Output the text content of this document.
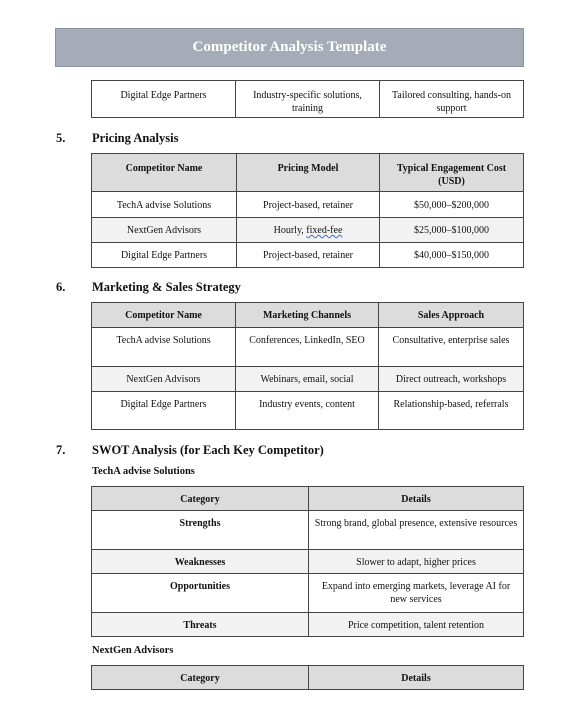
Competitor Analysis Template
Digital Edge Partners	Industry-specific solutions, training	Tailored consulting, hands-on support
5. Pricing Analysis
Competitor Name	Pricing Model	Typical Engagement Cost (USD)
TechA advise Solutions	Project-based, retainer	$50,000–$200,000
NextGen Advisors	Hourly, fixed-fee	$25,000–$100,000
Digital Edge Partners	Project-based, retainer	$40,000–$150,000
6. Marketing & Sales Strategy
Competitor Name	Marketing Channels	Sales Approach
TechA advise Solutions	Conferences, LinkedIn, SEO	Consultative, enterprise sales
NextGen Advisors	Webinars, email, social	Direct outreach, workshops
Digital Edge Partners	Industry events, content	Relationship-based, referrals
7. SWOT Analysis (for Each Key Competitor)
TechA advise Solutions
Category	Details
Strengths	Strong brand, global presence, extensive resources
Weaknesses	Slower to adapt, higher prices
Opportunities	Expand into emerging markets, leverage AI for new services
Threats	Price competition, talent retention
NextGen Advisors
Category	Details
